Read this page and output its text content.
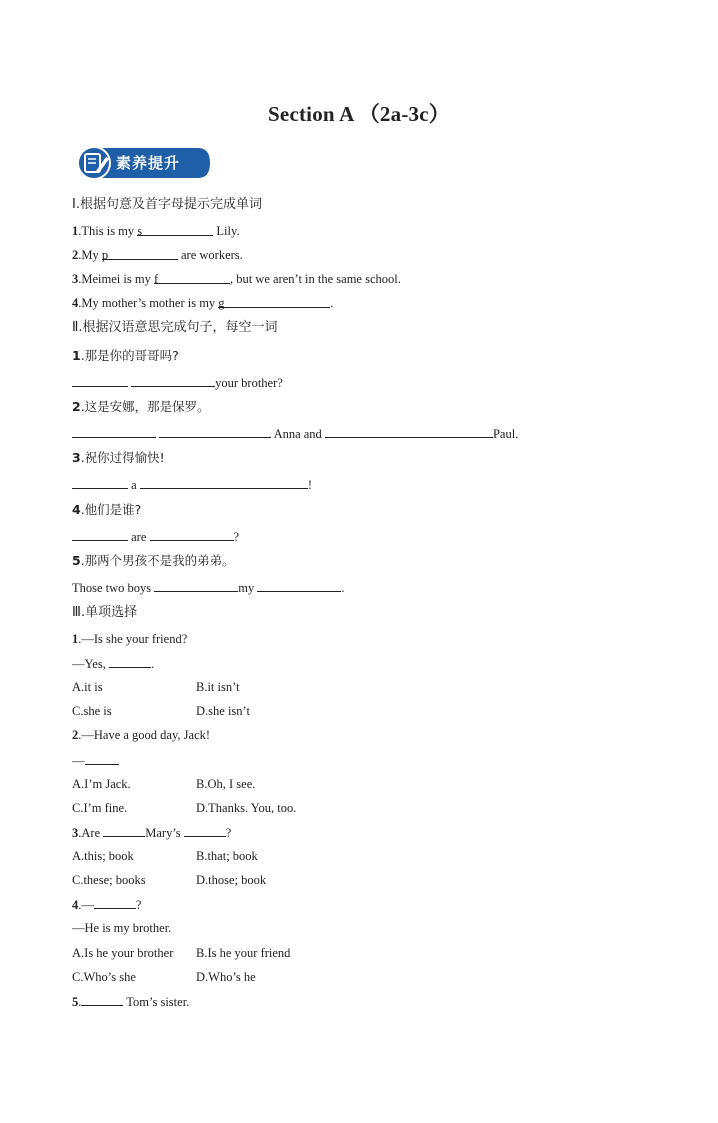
Section A （2a-3c）
素养提升
Ⅰ.根据句意及首字母提示完成单词
1.This is my s	Lily.
2.My p	are workers.
3.Meimei is my f	, but we aren’t in the same school.
4.My mother’s mother is my g	.
Ⅱ.根据汉语意思完成句子，每空一词
1.那是你的哥哥吗?
your brother?
2.这是安娜，那是保罗。
Anna and	Paul.
3.祝你过得愉快!
a	!
4.他们是谁?
are	?
5.那两个男孩不是我的弟弟。
Those two boys	my	.
Ⅲ.单项选择
1.—Is she your friend?
—Yes,	.
A.it is	B.it isn’t
C.she is	D.she isn’t
2.—Have a good day, Jack!
—
A.I’m Jack.	B.Oh, I see.
C.I’m fine.	D.Thanks. You, too.
3.Are	Mary’s	?
A.this; book	B.that; book
C.these; books	D.those; book
4.—	?
—He is my brother.
A.Is he your brother B.Is he your friend
C.Who’s she	D.Who’s he
5.	Tom’s sister.
